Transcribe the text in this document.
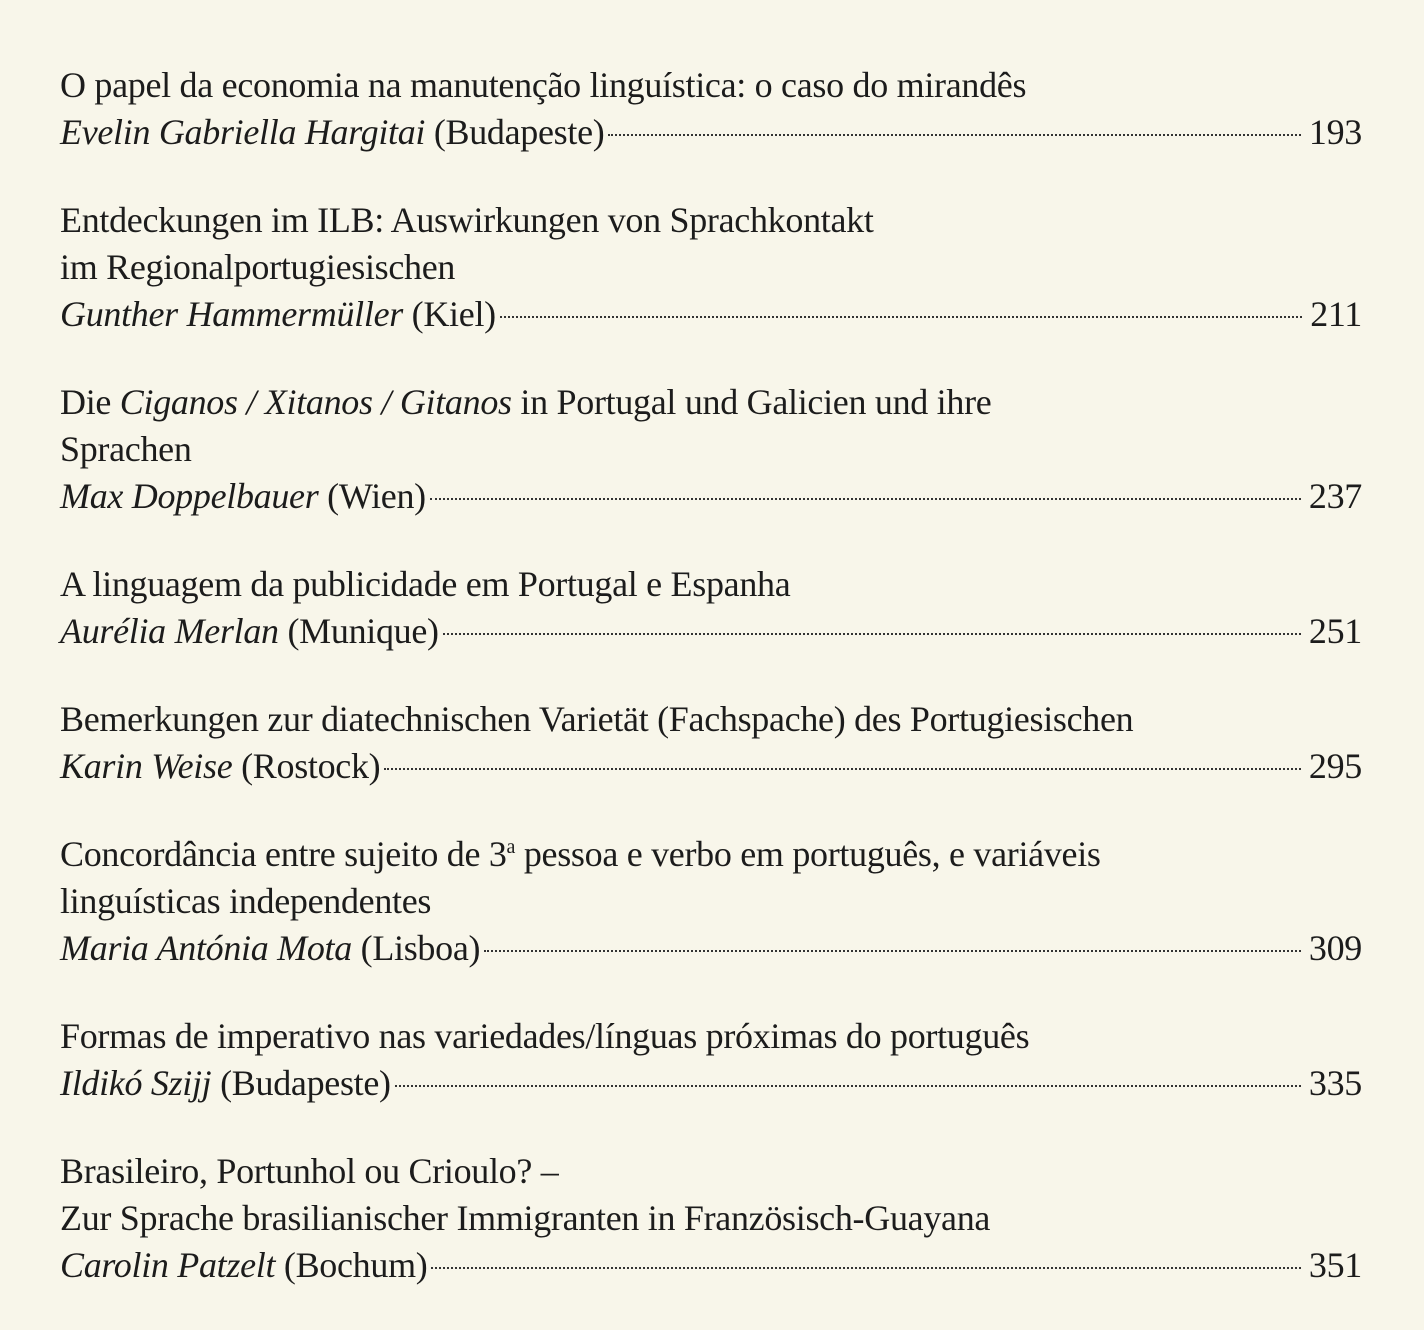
O papel da economia na manutenção linguística: o caso do mirandês
Evelin Gabriella Hargitai
(Budapeste)	193
Entdeckungen im ILB: Auswirkungen von Sprachkontakt
im Regionalportugiesischen
Gunther Hammermüller
(Kiel)	211
Die Ciganos / Xitanos / Gitanos in Portugal und Galicien und ihre
Sprachen
Max Doppelbauer
(Wien)	237
A linguagem da publicidade em Portugal e Espanha
Aurélia Merlan
(Munique)	251
Bemerkungen zur diatechnischen Varietät (Fachspache) des Portugiesischen
Karin Weise
(Rostock)	295
Concordância entre sujeito de 3$^a$ pessoa e verbo em português, e variáveis
linguísticas independentes
Maria Antónia Mota
(Lisboa)	309
Formas de imperativo nas variedades/línguas próximas do português
Ildikó Szijj
(Budapeste)	335
Brasileiro, Portunhol ou Crioulo? –
Zur Sprache brasilianischer Immigranten in Französisch-Guayana
Carolin Patzelt
(Bochum)	351
